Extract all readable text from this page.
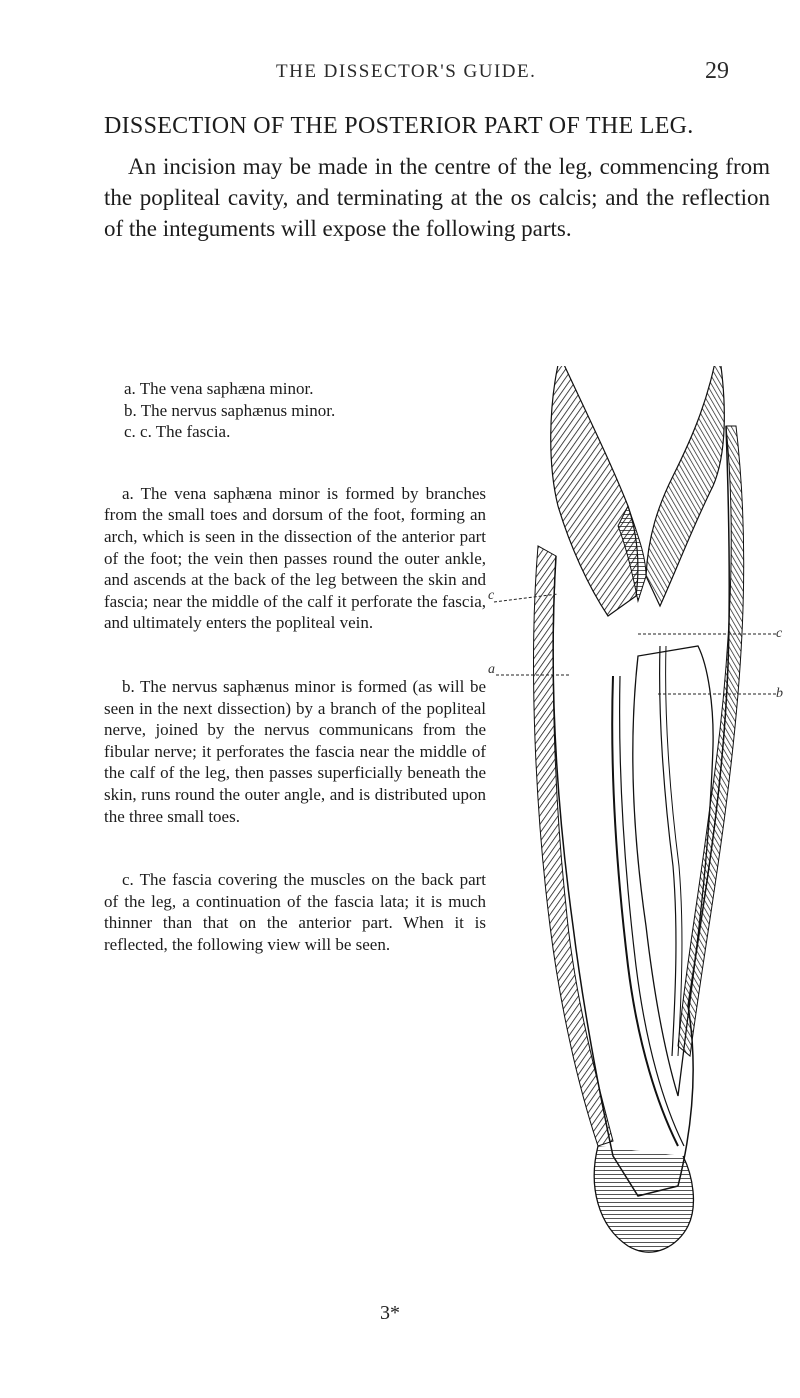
THE DISSECTOR'S GUIDE.	29
DISSECTION OF THE POSTERIOR PART OF THE LEG.

An incision may be made in the centre of the leg, commencing from the popliteal cavity, and terminating at the os calcis; and the reflection of the integuments will expose the following parts.

a. The vena saphæna minor.

b. The nervus saphænus minor.

c. c. The fascia.

a. The vena saphæna minor is formed by branches from the small toes and dorsum of the foot, forming an arch, which is seen in the dissection of the anterior part of the foot; the vein then passes round the outer ankle, and ascends at the back of the leg between the skin and fascia; near the middle of the calf it perforate the fascia, and ultimately enters the popliteal vein.

b. The nervus saphænus minor is formed (as will be seen in the next dissection) by a branch of the popliteal nerve, joined by the nervus communicans from the fibular nerve; it perforates the fascia near the middle of the calf of the leg, then passes superficially beneath the skin, runs round the outer angle, and is distributed upon the three small toes.

c. The fascia covering the muscles on the back part of the leg, a continuation of the fascia lata; it is much thinner than that on the anterior part. When it is reflected, the following view will be seen.

c
a
c
b
3*
